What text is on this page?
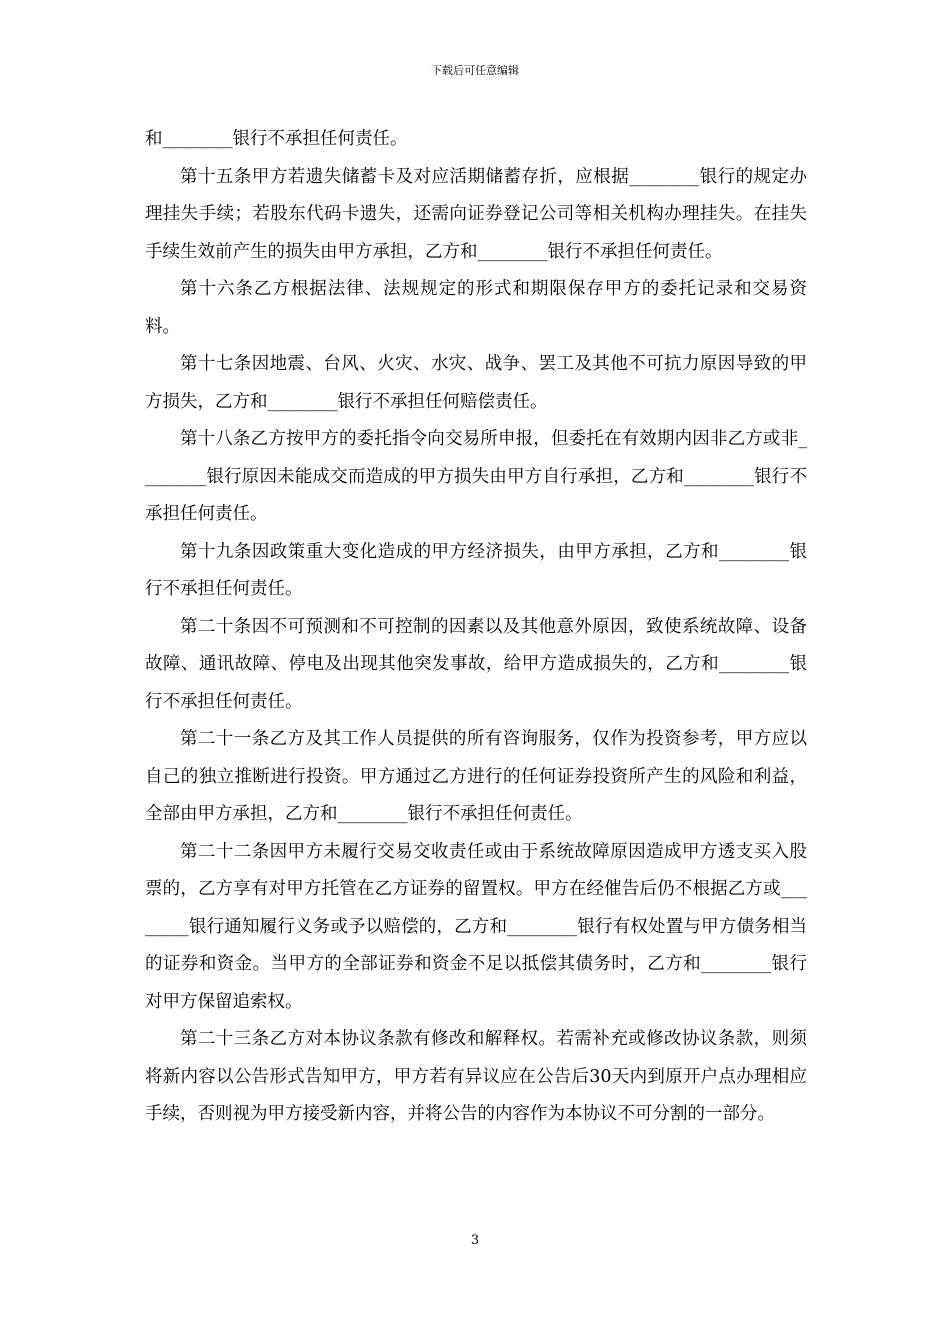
下载后可任意编辑

和________银行不承担任何责任。

第十五条甲方若遗失储蓄卡及对应活期储蓄存折，应根据________银行的规定办理挂失手续；若股东代码卡遗失，还需向证券登记公司等相关机构办理挂失。在挂失手续生效前产生的损失由甲方承担，乙方和________银行不承担任何责任。

第十六条乙方根据法律、法规规定的形式和期限保存甲方的委托记录和交易资料。

第十七条因地震、台风、火灾、水灾、战争、罢工及其他不可抗力原因导致的甲方损失，乙方和________银行不承担任何赔偿责任。

第十八条乙方按甲方的委托指令向交易所申报，但委托在有效期内因非乙方或非________银行原因未能成交而造成的甲方损失由甲方自行承担，乙方和________银行不承担任何责任。

第十九条因政策重大变化造成的甲方经济损失，由甲方承担，乙方和________银行不承担任何责任。

第二十条因不可预测和不可控制的因素以及其他意外原因，致使系统故障、设备故障、通讯故障、停电及出现其他突发事故，给甲方造成损失的，乙方和________银行不承担任何责任。

第二十一条乙方及其工作人员提供的所有咨询服务，仅作为投资参考，甲方应以自己的独立推断进行投资。甲方通过乙方进行的任何证券投资所产生的风险和利益，全部由甲方承担，乙方和________银行不承担任何责任。

第二十二条因甲方未履行交易交收责任或由于系统故障原因造成甲方透支买入股票的，乙方享有对甲方托管在乙方证券的留置权。甲方在经催告后仍不根据乙方或________银行通知履行义务或予以赔偿的，乙方和________银行有权处置与甲方债务相当的证券和资金。当甲方的全部证券和资金不足以抵偿其债务时，乙方和________银行对甲方保留追索权。

第二十三条乙方对本协议条款有修改和解释权。若需补充或修改协议条款，则须将新内容以公告形式告知甲方，甲方若有异议应在公告后30天内到原开户点办理相应手续，否则视为甲方接受新内容，并将公告的内容作为本协议不可分割的一部分。

3
